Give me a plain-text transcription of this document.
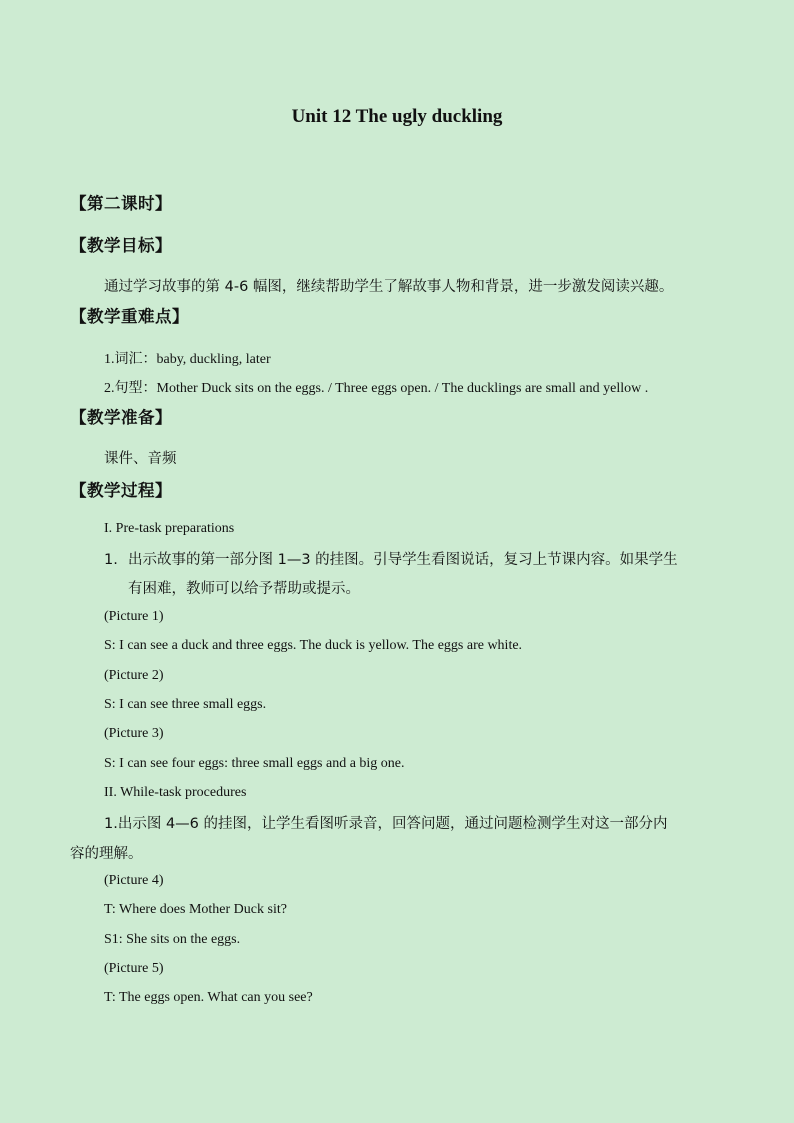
Unit 12 The ugly duckling
【第二课时】
【教学目标】
通过学习故事的第 4-6 幅图，继续帮助学生了解故事人物和背景，进一步激发阅读兴趣。
【教学重难点】
1.词汇：baby, duckling, later
2.句型：Mother Duck sits on the eggs. / Three eggs open. / The ducklings are small and yellow .
【教学准备】
课件、音频
【教学过程】
I. Pre-task preparations
1. 出示故事的第一部分图 1—3 的挂图。引导学生看图说话，复习上节课内容。如果学生
有困难，教师可以给予帮助或提示。
(Picture 1)
S: I can see a duck and three eggs. The duck is yellow. The eggs are white.
(Picture 2)
S: I can see three small eggs.
(Picture 3)
S: I can see four eggs: three small eggs and a big one.
II. While-task procedures
1.出示图 4—6 的挂图，让学生看图听录音，回答问题，通过问题检测学生对这一部分内
容的理解。
(Picture 4)
T: Where does Mother Duck sit?
S1: She sits on the eggs.
(Picture 5)
T: The eggs open. What can you see?
